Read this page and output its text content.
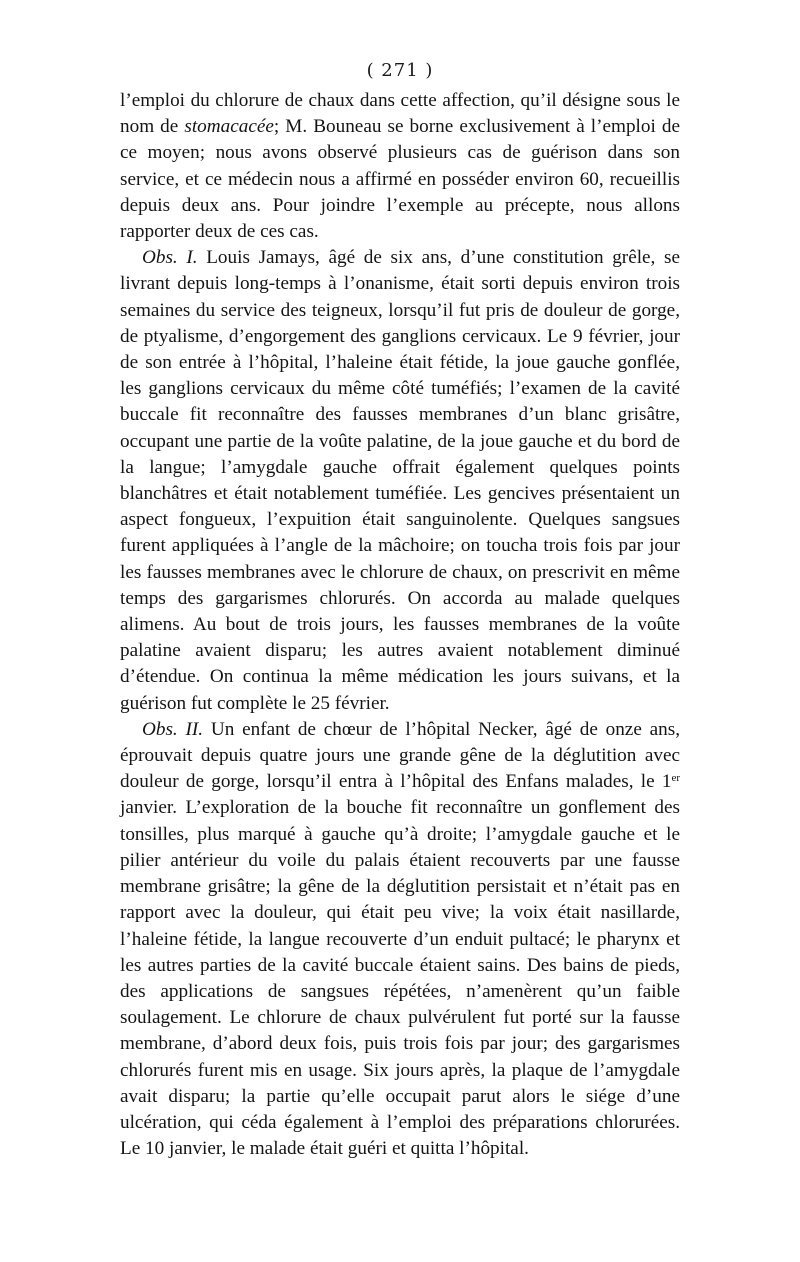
( 271 )

l’emploi du chlorure de chaux dans cette affection, qu’il désigne sous le nom de stomacacée; M. Bouneau se borne exclusivement à l’emploi de ce moyen; nous avons observé plusieurs cas de guérison dans son service, et ce médecin nous a affirmé en posséder environ 60, recueillis depuis deux ans. Pour joindre l’exemple au précepte, nous allons rapporter deux de ces cas.

Obs. I. Louis Jamays, âgé de six ans, d’une constitution grêle, se livrant depuis long-temps à l’onanisme, était sorti depuis environ trois semaines du service des teigneux, lorsqu’il fut pris de douleur de gorge, de ptyalisme, d’engorgement des ganglions cervicaux. Le 9 février, jour de son entrée à l’hôpital, l’haleine était fétide, la joue gauche gonflée, les ganglions cervicaux du même côté tuméfiés; l’examen de la cavité buccale fit reconnaître des fausses membranes d’un blanc grisâtre, occupant une partie de la voûte palatine, de la joue gauche et du bord de la langue; l’amygdale gauche offrait également quelques points blanchâtres et était notablement tuméfiée. Les gencives présentaient un aspect fongueux, l’expuition était sanguinolente. Quelques sangsues furent appliquées à l’angle de la mâchoire; on toucha trois fois par jour les fausses membranes avec le chlorure de chaux, on prescrivit en même temps des gargarismes chlorurés. On accorda au malade quelques alimens. Au bout de trois jours, les fausses membranes de la voûte palatine avaient disparu; les autres avaient notablement diminué d’étendue. On continua la même médication les jours suivans, et la guérison fut complète le 25 février.

Obs. II. Un enfant de chœur de l’hôpital Necker, âgé de onze ans, éprouvait depuis quatre jours une grande gêne de la déglutition avec douleur de gorge, lorsqu’il entra à l’hôpital des Enfans malades, le 1er janvier. L’exploration de la bouche fit reconnaître un gonflement des tonsilles, plus marqué à gauche qu’à droite; l’amygdale gauche et le pilier antérieur du voile du palais étaient recouverts par une fausse membrane grisâtre; la gêne de la déglutition persistait et n’était pas en rapport avec la douleur, qui était peu vive; la voix était nasillarde, l’haleine fétide, la langue recouverte d’un enduit pultacé; le pharynx et les autres parties de la cavité buccale étaient sains. Des bains de pieds, des applications de sangsues répétées, n’amenèrent qu’un faible soulagement. Le chlorure de chaux pulvérulent fut porté sur la fausse membrane, d’abord deux fois, puis trois fois par jour; des gargarismes chlorurés furent mis en usage. Six jours après, la plaque de l’amygdale avait disparu; la partie qu’elle occupait parut alors le siége d’une ulcération, qui céda également à l’emploi des préparations chlorurées. Le 10 janvier, le malade était guéri et quitta l’hôpital.
